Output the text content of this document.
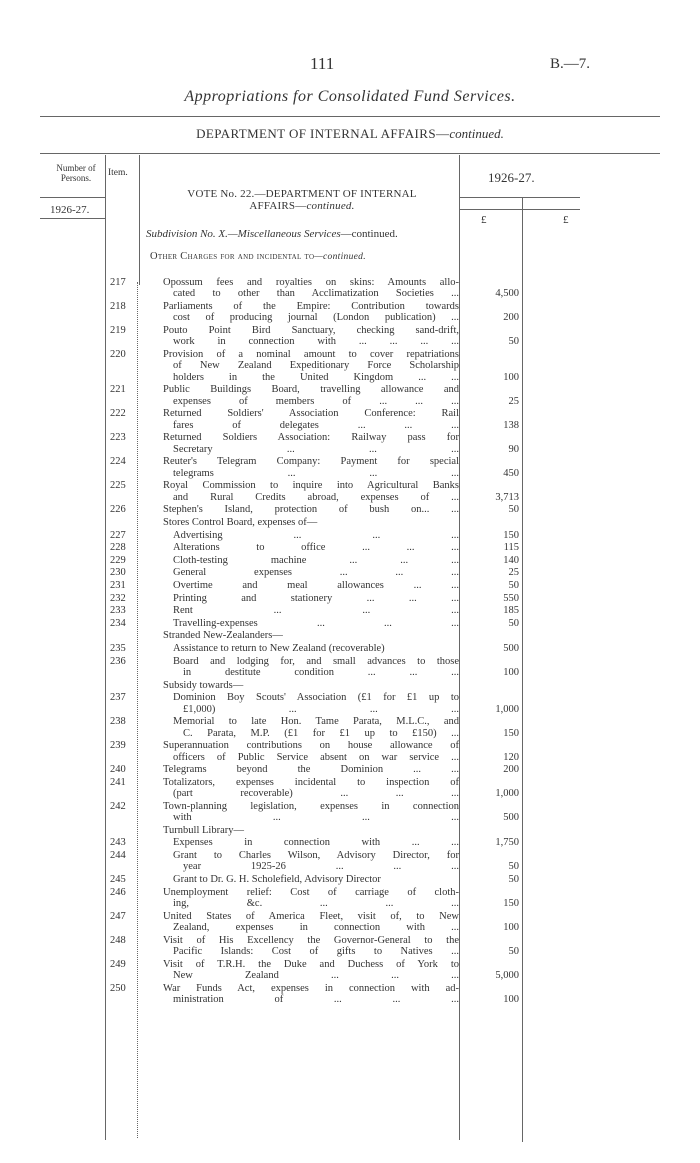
111	B.—7.
Appropriations for Consolidated Fund Services.
DEPARTMENT OF INTERNAL AFFAIRS—continued.
Number of Persons.	Item.
1926-27.
1926-27.
VOTE No. 22.—DEPARTMENT OF INTERNAL
AFFAIRS—continued.
£	£
Subdivision No. X.—Miscellaneous Services—continued.
Other Charges for and incidental to—continued.
217	Opossum fees and royalties on skins: Amounts allo-
cated to other than Acclimatization Societies ...	4,500
218	Parliaments of the Empire: Contribution towards
cost of producing journal (London publication) ...	200
219	Pouto Point Bird Sanctuary, checking sand-drift,
work in connection with ... ... ... ...	50
220	Provision of a nominal amount to cover repatriations
of New Zealand Expeditionary Force Scholarship
holders in the United Kingdom ... ...	100
221	Public Buildings Board, travelling allowance and
expenses of members of ... ... ...	25
222	Returned Soldiers' Association Conference: Rail
fares of delegates ... ... ...	138
223	Returned Soldiers Association: Railway pass for
Secretary ... ... ...	90
224	Reuter's Telegram Company: Payment for special
telegrams ... ... ...	450
225	Royal Commission to inquire into Agricultural Banks
and Rural Credits abroad, expenses of ...	3,713
226	Stephen's Island, protection of bush on... ...	50
Stores Control Board, expenses of—
227	Advertising ... ... ...	150
228	Alterations to office ... ... ...	115
229	Cloth-testing machine ... ... ...	140
230	General expenses ... ... ...	25
231	Overtime and meal allowances ... ...	50
232	Printing and stationery ... ... ...	550
233	Rent ... ... ...	185
234	Travelling-expenses ... ... ...	50
Stranded New-Zealanders—
235	Assistance to return to New Zealand (recoverable)	500
236	Board and lodging for, and small advances to those
in destitute condition ... ... ...	100
Subsidy towards—
237	Dominion Boy Scouts' Association (£1 for £1 up to
£1,000) ... ... ...	1,000
238	Memorial to late Hon. Tame Parata, M.L.C., and
C. Parata, M.P. (£1 for £1 up to £150) ...	150
239	Superannuation contributions on house allowance of
officers of Public Service absent on war service ...	120
240	Telegrams beyond the Dominion ... ...	200
241	Totalizators, expenses incidental to inspection of
(part recoverable) ... ... ...	1,000
242	Town-planning legislation, expenses in connection
with ... ... ...	500
Turnbull Library—
243	Expenses in connection with ... ...	1,750
244	Grant to Charles Wilson, Advisory Director, for
year 1925-26 ... ... ...	50
245	Grant to Dr. G. H. Scholefield, Advisory Director	50
246	Unemployment relief: Cost of carriage of cloth-
ing, &c. ... ... ...	150
247	United States of America Fleet, visit of, to New
Zealand, expenses in connection with ...	100
248	Visit of His Excellency the Governor-General to the
Pacific Islands: Cost of gifts to Natives ...	50
249	Visit of T.R.H. the Duke and Duchess of York to
New Zealand ... ... ...	5,000
250	War Funds Act, expenses in connection with ad-
ministration of ... ... ...	100
